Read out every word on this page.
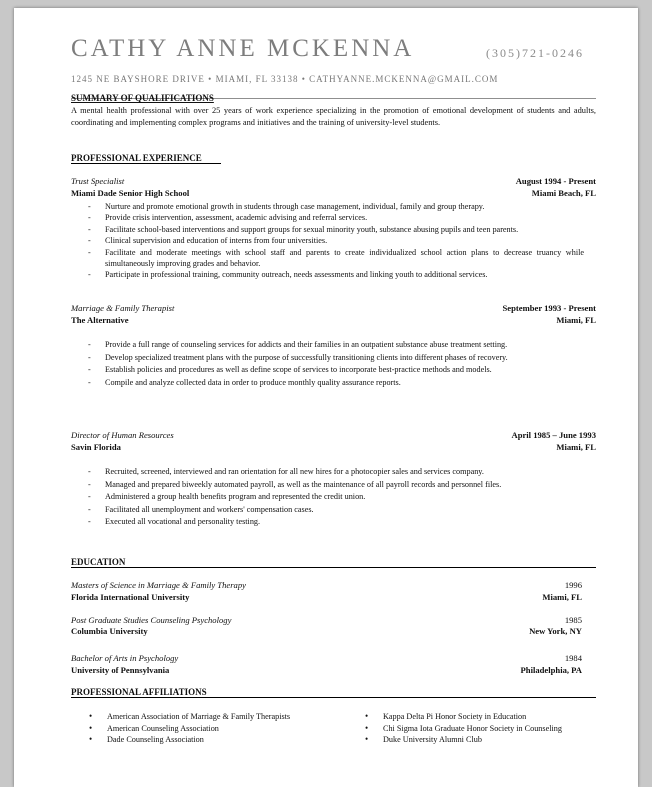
CATHY ANNE MCKENNA	(305)721-0246
1245 NE BAYSHORE DRIVE • MIAMI, FL 33138 • CATHYANNE.MCKENNA@GMAIL.COM
SUMMARY OF QUALIFICATIONS
A mental health professional with over 25 years of work experience specializing in the promotion of emotional development of students and adults, coordinating and implementing complex programs and initiatives and the training of university-level students.
PROFESSIONAL EXPERIENCE
Trust Specialist	August 1994 - Present
Miami Dade Senior High School	Miami Beach, FL
- Nurture and promote emotional growth in students through case management, individual, family and group therapy.
- Provide crisis intervention, assessment, academic advising and referral services.
- Facilitate school-based interventions and support groups for sexual minority youth, substance abusing pupils and teen parents.
- Clinical supervision and education of interns from four universities.
- Facilitate and moderate meetings with school staff and parents to create individualized school action plans to decrease truancy while simultaneously improving grades and behavior.
- Participate in professional training, community outreach, needs assessments and linking youth to additional services.
Marriage & Family Therapist	September 1993 - Present
The Alternative	Miami, FL
- Provide a full range of counseling services for addicts and their families in an outpatient substance abuse treatment setting.
- Develop specialized treatment plans with the purpose of successfully transitioning clients into different phases of recovery.
- Establish policies and procedures as well as define scope of services to incorporate best-practice methods and models.
- Compile and analyze collected data in order to produce monthly quality assurance reports.
Director of Human Resources	April 1985 – June 1993
Savin Florida	Miami, FL
- Recruited, screened, interviewed and ran orientation for all new hires for a photocopier sales and services company.
- Managed and prepared biweekly automated payroll, as well as the maintenance of all payroll records and personnel files.
- Administered a group health benefits program and represented the credit union.
- Facilitated all unemployment and workers' compensation cases.
- Executed all vocational and personality testing.
EDUCATION
Masters of Science in Marriage & Family Therapy	1996
Florida International University	Miami, FL
Post Graduate Studies Counseling Psychology	1985
Columbia University	New York, NY
Bachelor of Arts in Psychology	1984
University of Pennsylvania	Philadelphia, PA
PROFESSIONAL AFFILIATIONS
• American Association of Marriage & Family Therapists
• American Counseling Association
• Dade Counseling Association
• Kappa Delta Pi Honor Society in Education
• Chi Sigma Iota Graduate Honor Society in Counseling
• Duke University Alumni Club
